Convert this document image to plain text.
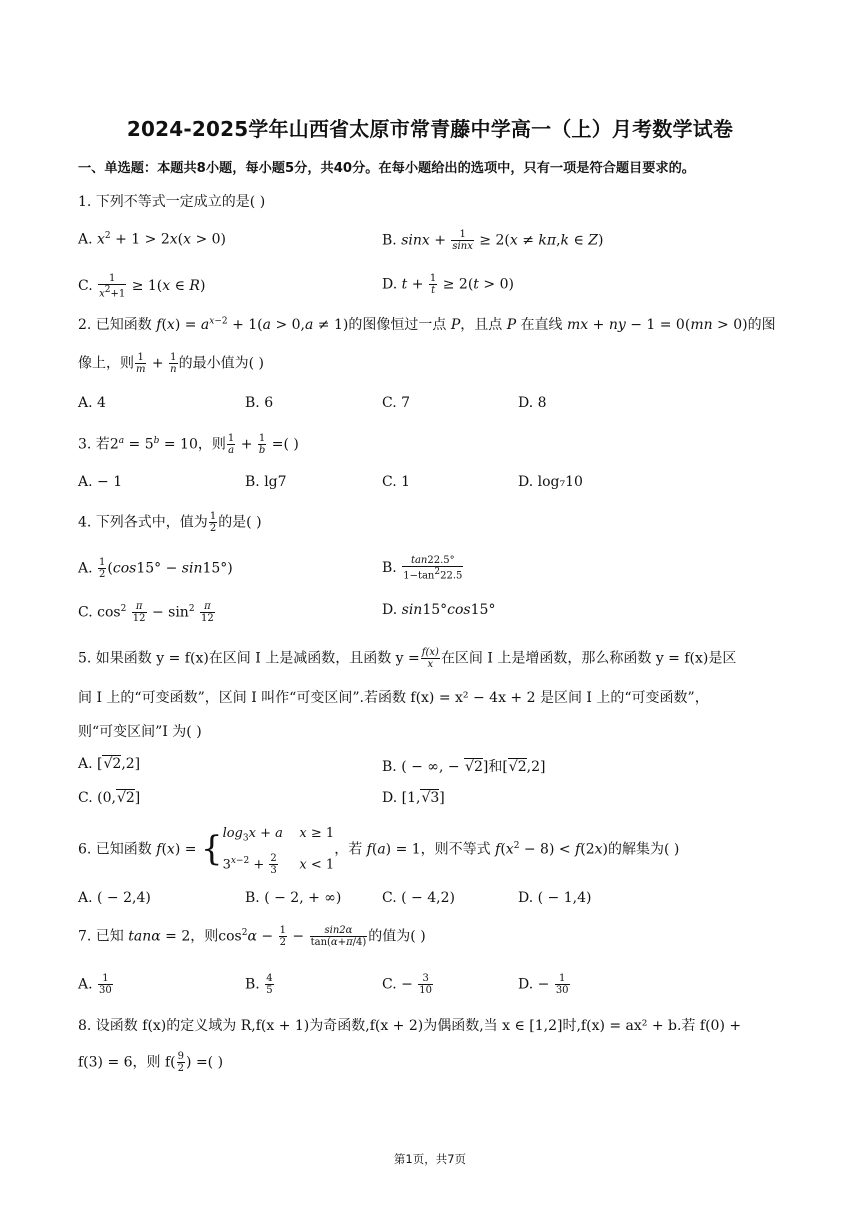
2024-2025学年山西省太原市常青藤中学高一（上）月考数学试卷
一、单选题：本题共8小题，每小题5分，共40分。在每小题给出的选项中，只有一项是符合题目要求的。
1. 下列不等式一定成立的是( )
A. $x^2 + 1 > 2x(x > 0)$	B. $\sin x + \frac{1}{\sin x} \ge 2(x \ne k\pi,k$ ∈ Z)
C. $\frac{1}{x^2+1} \ge 1(x$ ∈ R)	D. $t + \frac{1}{t} \ge 2(t > 0)$
2. 已知函数 $f(x) = a^{x-2} + 1(a > 0,a \ne 1)$的图像恒过一点 P，且点 P 在直线 mx + ny − 1 = 0(mn > 0)的图
像上，则 $\frac{1}{m} + \frac{1}{n}$ 的最小值为( )
A. 4	B. 6	C. 7	D. 8
3. 若$2^a = 5^b = 10$，则 $\frac{1}{a} + \frac{1}{b}$ =( )
A. − 1	B. lg7	C. 1	D. log₇10
4. 下列各式中，值为 $\frac{1}{2}$ 的是( )
A. $\frac{1}{2} (\cos 15^\circ - \sin 15^\circ)$	B. $\frac{\tan 22.5^\circ}{1-\tan^222.5}$
C. $\cos^2 \frac{\pi}{12} - \sin^2 \frac{\pi}{12}$	D. sin15°cos15°
5. 如果函数 y = f(x)在区间 I 上是减函数，且函数 $y = \frac{f(x)}{x}$ 在区间 I 上是增函数，那么称函数 y = f(x)是区
间 I 上的“可变函数”，区间 I 叫作“可变区间”.若函数 f(x) = x² − 4x + 2 是区间 I 上的“可变函数”，
则“可变区间”I 为( )
A. [√2,2]	B. ( − ∞, − √2]和[√2,2]
C. (0,√2]	D. [1,√3]
6. 已知函数 $f(x) = \{\log_3x + a$ x ≥ 1
$3^{x-2} + \frac{2}{3}$ x < 1，若 f(a) = 1，则不等式 $f(x^2 - 8) < f(2x)$的解集为( )
A. ( − 2,4)	B. ( − 2, + ∞)	C. ( − 4,2)	D. ( − 1,4)
7. 已知 tanα = 2，则$\cos^2\alpha - \frac{1}{2} - \frac{\sin 2\alpha}{\tan(\alpha+\pi/4)}$ 的值为( )
A. $\frac{1}{30}$	B. $\frac{4}{5}$	C. − $\frac{3}{10}$	D. − $\frac{1}{30}$
8. 设函数 f(x)的定义域为 R,f(x + 1)为奇函数,f(x + 2)为偶函数,当 x ∈ [1,2]时,f(x) = ax² + b.若 f(0) +
f(3) = 6，则 $f( \frac{9}{2}$ ) =( )
第1页，共7页
